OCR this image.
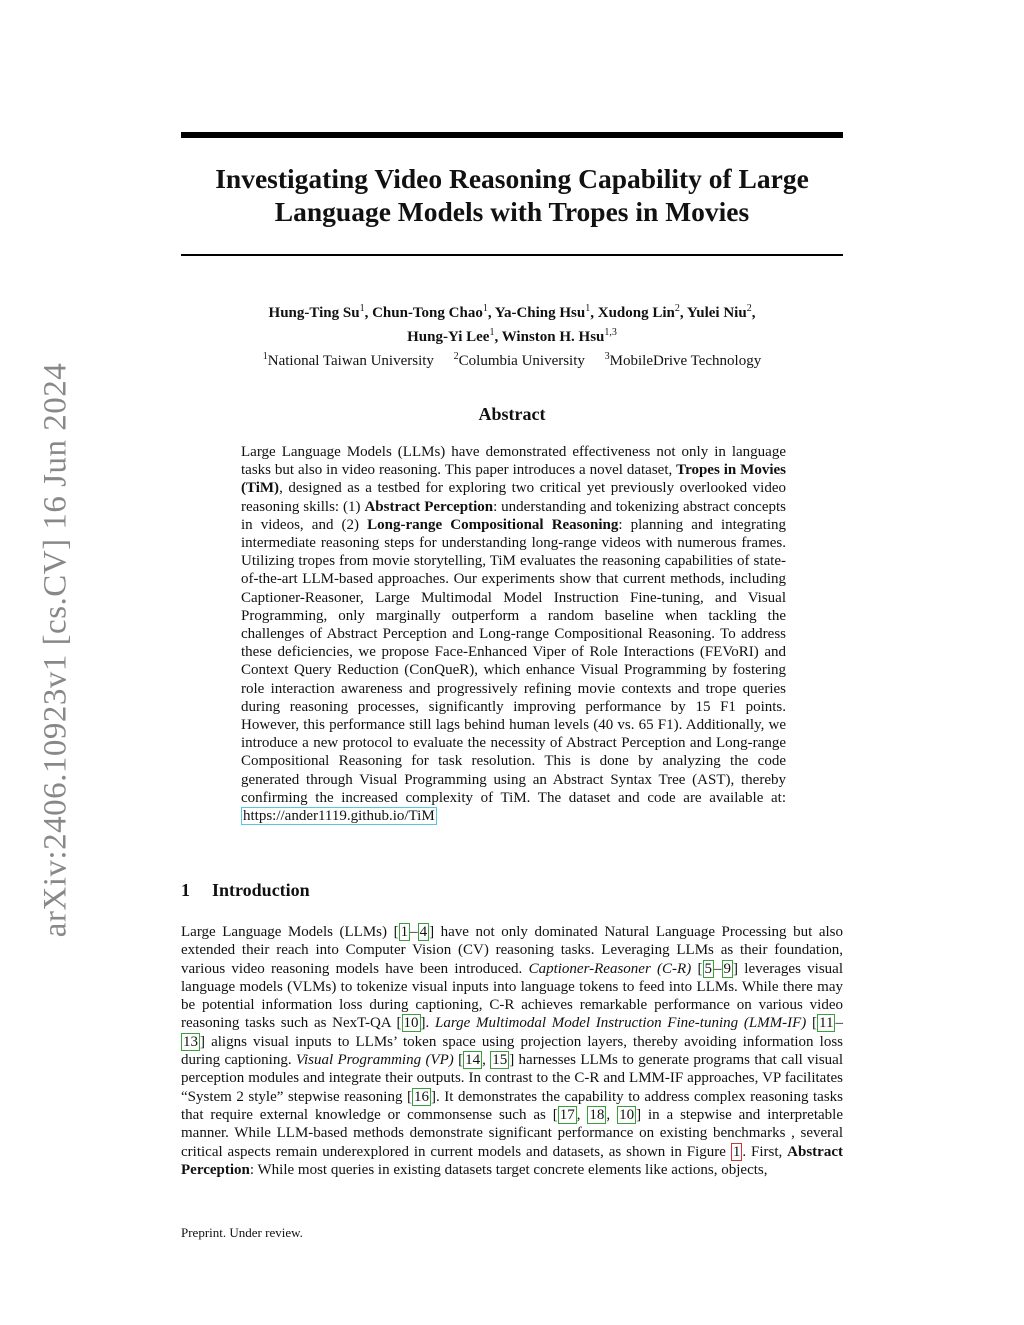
arXiv:2406.10923v1 [cs.CV] 16 Jun 2024
Investigating Video Reasoning Capability of Large
Language Models with Tropes in Movies
Hung-Ting Su$^1$, Chun-Tong Chao$^1$, Ya-Ching Hsu$^1$, Xudong Lin$^2$, Yulei Niu$^2$,
Hung-Yi Lee$^1$, Winston H. Hsu$^{1,3}$
$^1$National Taiwan University $^2$Columbia University $^3$MobileDrive Technology
Abstract

Large Language Models (LLMs) have demonstrated effectiveness not only in language tasks but also in video reasoning. This paper introduces a novel dataset, Tropes in Movies (TiM), designed as a testbed for exploring two critical yet previously overlooked video reasoning skills: (1) Abstract Perception: understanding and tokenizing abstract concepts in videos, and (2) Long-range Compositional Reasoning: planning and integrating intermediate reasoning steps for understanding long-range videos with numerous frames. Utilizing tropes from movie storytelling, TiM evaluates the reasoning capabilities of state-of-the-art LLM-based approaches. Our experiments show that current methods, including Captioner-Reasoner, Large Multimodal Model Instruction Fine-tuning, and Visual Programming, only marginally outperform a random baseline when tackling the challenges of Abstract Perception and Long-range Compositional Reasoning. To address these deficiencies, we propose Face-Enhanced Viper of Role Interactions (FEVoRI) and Context Query Reduction (ConQueR), which enhance Visual Programming by fostering role interaction awareness and progressively refining movie contexts and trope queries during reasoning processes, significantly improving performance by 15 F1 points. However, this performance still lags behind human levels (40 vs. 65 F1). Additionally, we introduce a new protocol to evaluate the necessity of Abstract Perception and Long-range Compositional Reasoning for task resolution. This is done by analyzing the code generated through Visual Programming using an Abstract Syntax Tree (AST), thereby confirming the increased complexity of TiM. The dataset and code are available at: https://ander1119.github.io/TiM

1 Introduction

Large Language Models (LLMs) [ 1 – 4 ] have not only dominated Natural Language Processing but also extended their reach into Computer Vision (CV) reasoning tasks. Leveraging LLMs as their foundation, various video reasoning models have been introduced. Captioner-Reasoner (C-R) [ 5 – 9 ] leverages visual language models (VLMs) to tokenize visual inputs into language tokens to feed into LLMs. While there may be potential information loss during captioning, C-R achieves remarkable performance on various video reasoning tasks such as NexT-QA [ 10 ]. Large Multimodal Model Instruction Fine-tuning (LMM-IF) [ 11 –13 ] aligns visual inputs to LLMs’ token space using projection layers, thereby avoiding information loss during captioning. Visual Programming (VP) [ 14 , 15 ] harnesses LLMs to generate programs that call visual perception modules and integrate their outputs. In contrast to the C-R and LMM-IF approaches, VP facilitates “System 2 style” stepwise reasoning [ 16 ]. It demonstrates the capability to address complex reasoning tasks that require external knowledge or commonsense such as [ 17 , 18 , 10 ] in a stepwise and interpretable manner. While LLM-based methods demonstrate significant performance on existing benchmarks , several critical aspects remain underexplored in current models and datasets, as shown in Figure 1 . First, Abstract Perception: While most queries in existing datasets target concrete elements like actions, objects,

Preprint. Under review.
